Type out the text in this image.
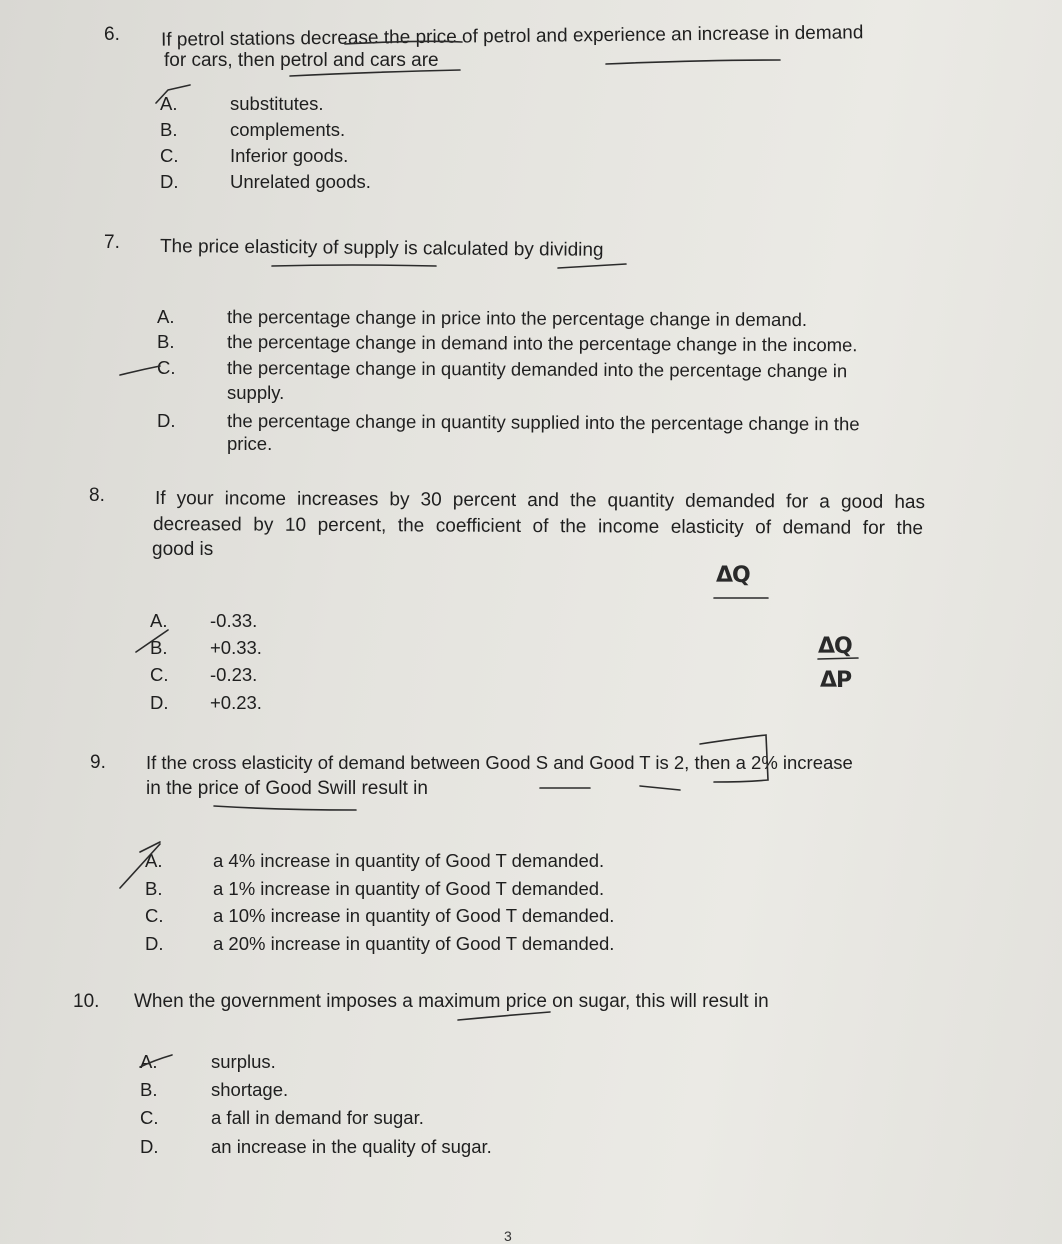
6. If petrol stations decrease the price of petrol and experience an increase in demand
for cars, then petrol and cars are
A.	substitutes.
B.	complements.
C.	Inferior goods.
D.	Unrelated goods.
7. The price elasticity of supply is calculated by dividing
A.	the percentage change in price into the percentage change in demand.
B.	the percentage change in demand into the percentage change in the income.
C.	the percentage change in quantity demanded into the percentage change in
supply.
D.	the percentage change in quantity supplied into the percentage change in the
price.
8.	If your income increases by 30 percent and the quantity demanded for a good has
decreased by 10 percent, the coefficient of the income elasticity of demand for the
good is
A. -0.33.
B. +0.33.
C. -0.23.
D. +0.23.
9. If the cross elasticity of demand between Good S and Good T is 2, then a 2% increase
in the price of Good Swill result in
A.	a 4% increase in quantity of Good T demanded.
B.	a 1% increase in quantity of Good T demanded.
C.	a 10% increase in quantity of Good T demanded.
D.	a 20% increase in quantity of Good T demanded.
10. When the government imposes a maximum price on sugar, this will result in
A.	surplus.
B.	shortage.
C.	a fall in demand for sugar.
D.	an increase in the quality of sugar.
ΔQ
ΔQ
ΔP
3
